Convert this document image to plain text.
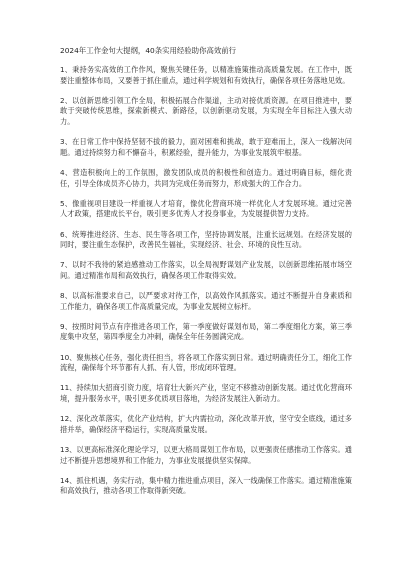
2024年工作金句大提纲，40条实用经验助你高效前行

1、秉持务实高效的工作作风，聚焦关键任务，以精准施策推动高质量发展。在工作中，既要注重整体布局，又要善于抓住重点，通过科学规划和有效执行，确保各项任务落地见效。

2、以创新思维引领工作全局，积极拓展合作渠道，主动对接优质资源。在项目推进中，要敢于突破传统思维，探索新模式、新路径，以创新驱动发展，为实现全年目标注入强大动力。

3、在日常工作中保持坚韧不拔的毅力，面对困难和挑战，敢于迎难而上，深入一线解决问题。通过持续努力和不懈奋斗，积累经验，提升能力，为事业发展筑牢根基。

4、营造积极向上的工作氛围，激发团队成员的积极性和创造力。通过明确目标，细化责任，引导全体成员齐心协力，共同为完成任务而努力，形成强大的工作合力。

5、像重视项目建设一样重视人才培育，像优化营商环境一样优化人才发展环境。通过完善人才政策，搭建成长平台，吸引更多优秀人才投身事业，为发展提供智力支持。

6、统筹推进经济、生态、民生等各项工作，坚持协调发展，注重长远规划。在经济发展的同时，要注重生态保护，改善民生福祉，实现经济、社会、环境的良性互动。

7、以时不我待的紧迫感推动工作落实，以全局视野谋划产业发展，以创新思维拓展市场空间。通过精准布局和高效执行，确保各项工作取得实效。

8、以高标准要求自己，以严要求对待工作，以高效作风抓落实。通过不断提升自身素质和工作能力，确保各项工作高质量完成，为事业发展树立标杆。

9、按照时间节点有序推进各项工作，第一季度做好谋划布局，第二季度细化方案，第三季度集中攻坚，第四季度全力冲刺，确保全年任务圆满完成。

10、聚焦核心任务，强化责任担当，将各项工作落实到日常。通过明确责任分工，细化工作流程，确保每个环节都有人抓、有人管，形成闭环管理。

11、持续加大招商引资力度，培育壮大新兴产业，坚定不移推动创新发展。通过优化营商环境，提升服务水平，吸引更多优质项目落地，为经济发展注入新动力。

12、深化改革落实，优化产业结构，扩大内需拉动，深化改革开放，坚守安全底线，通过多措并举，确保经济平稳运行，实现高质量发展。

13、以更高标准深化理论学习，以更大格局谋划工作布局，以更强责任感推动工作落实。通过不断提升思想境界和工作能力，为事业发展提供坚实保障。

14、抓住机遇，务实行动，集中精力推进重点项目，深入一线确保工作落实。通过精准施策和高效执行，推动各项工作取得新突破。
